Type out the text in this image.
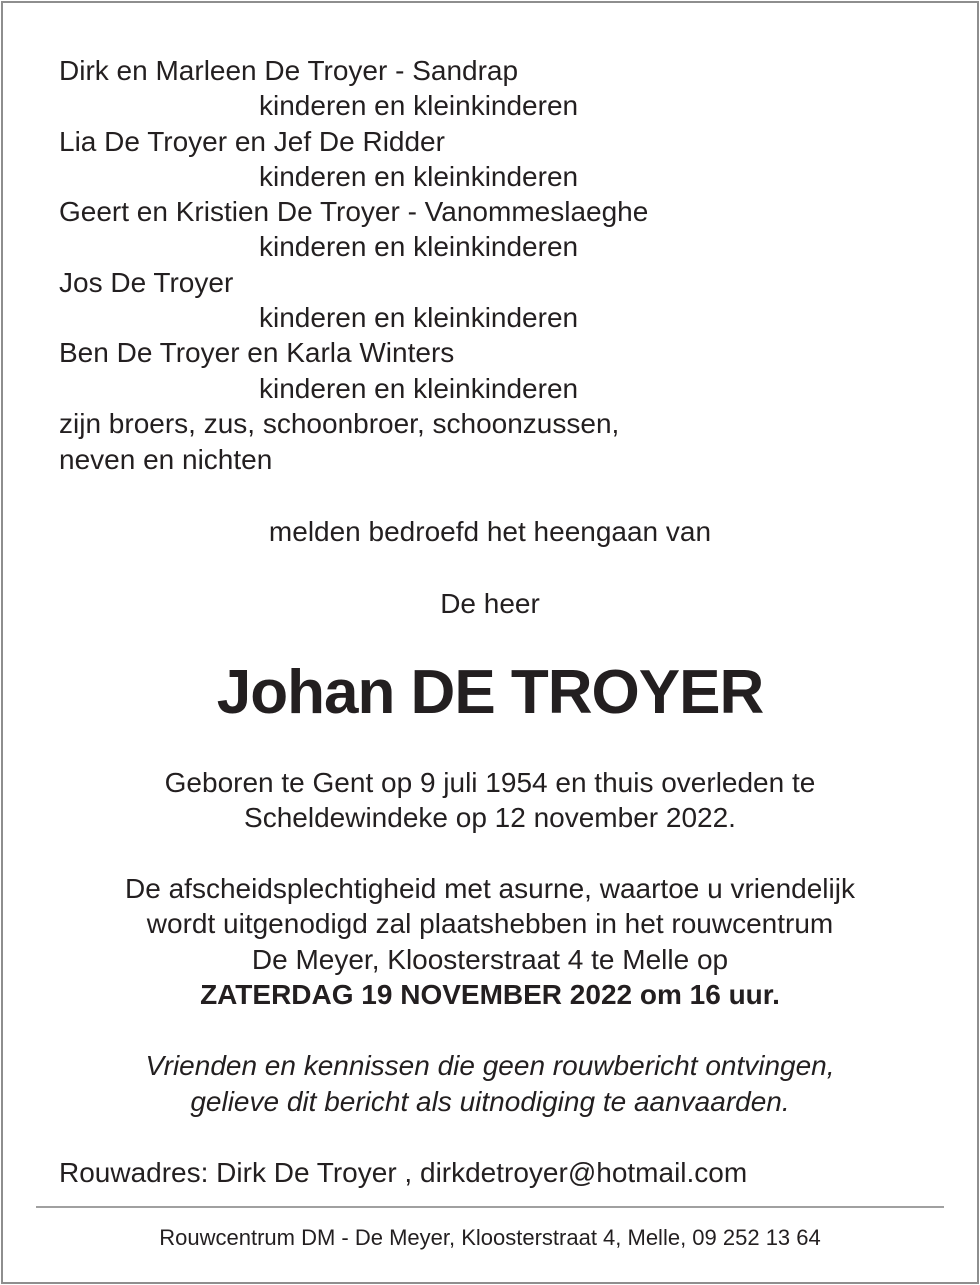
Dirk en Marleen De Troyer - Sandrap
kinderen en kleinkinderen
Lia De Troyer en Jef De Ridder
kinderen en kleinkinderen
Geert en Kristien De Troyer - Vanommeslaeghe
kinderen en kleinkinderen
Jos De Troyer
kinderen en kleinkinderen
Ben De Troyer en Karla Winters
kinderen en kleinkinderen
zijn broers, zus, schoonbroer, schoonzussen,
neven en nichten
melden bedroefd het heengaan van
De heer
Johan DE TROYER
Geboren te Gent op 9 juli 1954 en thuis overleden te
Scheldewindeke op 12 november 2022.
De afscheidsplechtigheid met asurne, waartoe u vriendelijk
wordt uitgenodigd zal plaatshebben in het rouwcentrum
De Meyer, Kloosterstraat 4 te Melle op
ZATERDAG 19 NOVEMBER 2022 om 16 uur.
Vrienden en kennissen die geen rouwbericht ontvingen,
gelieve dit bericht als uitnodiging te aanvaarden.
Rouwadres: Dirk De Troyer , dirkdetroyer@hotmail.com
Rouwcentrum DM - De Meyer, Kloosterstraat 4, Melle, 09 252 13 64
